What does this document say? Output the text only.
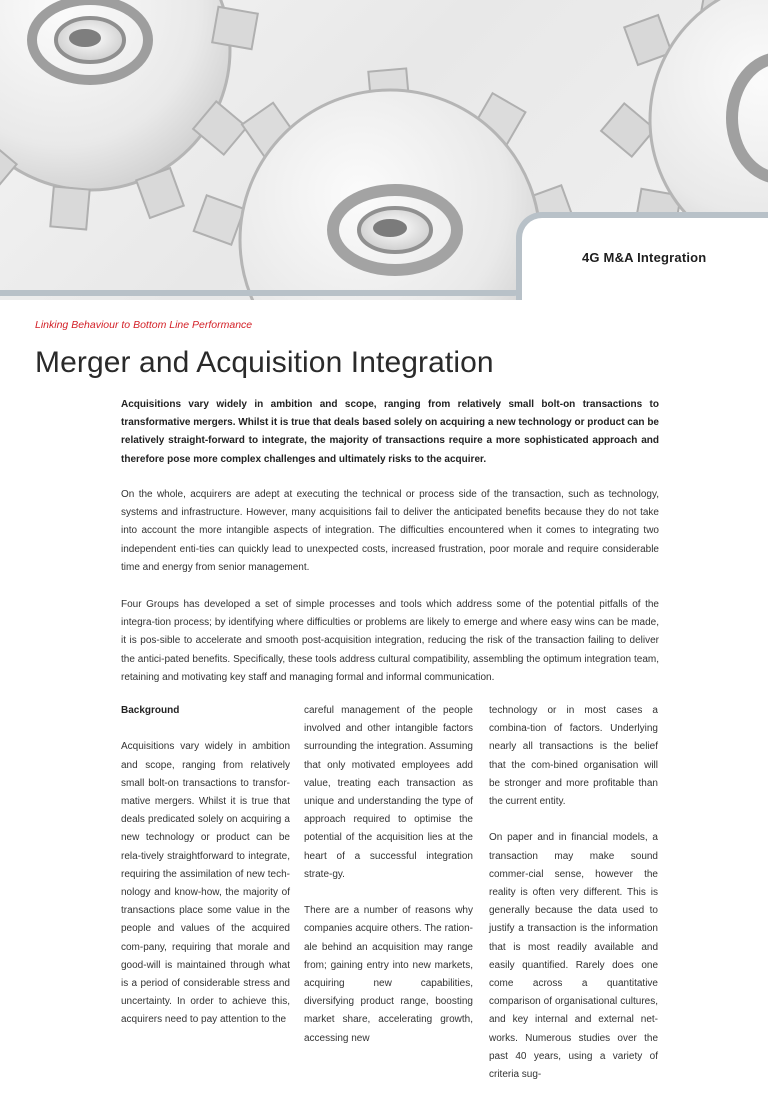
4G M&A Integration
Linking Behaviour to Bottom Line Performance
Merger and Acquisition Integration

Acquisitions vary widely in ambition and scope, ranging from relatively small bolt-on transactions to transformative mergers. Whilst it is true that deals based solely on acquiring a new technology or product can be relatively straight-forward to integrate, the majority of transactions require a more sophisticated approach and therefore pose more complex challenges and ultimately risks to the acquirer.

On the whole, acquirers are adept at executing the technical or process side of the transaction, such as technology, systems and infrastructure. However, many acquisitions fail to deliver the anticipated benefits because they do not take into account the more intangible aspects of integration. The difficulties encountered when it comes to integrating two independent enti-ties can quickly lead to unexpected costs, increased frustration, poor morale and require considerable time and energy from senior management.

Four Groups has developed a set of simple processes and tools which address some of the potential pitfalls of the integra-tion process; by identifying where difficulties or problems are likely to emerge and where easy wins can be made, it is pos-sible to accelerate and smooth post-acquisition integration, reducing the risk of the transaction failing to deliver the antici-pated benefits. Specifically, these tools address cultural compatibility, assembling the optimum integration team, retaining and motivating key staff and managing formal and informal communication.

Background

Acquisitions vary widely in ambition and scope, ranging from relatively small bolt-on transactions to transfor-mative mergers. Whilst it is true that deals predicated solely on acquiring a new technology or product can be rela-tively straightforward to integrate, requiring the assimilation of new tech-nology and know-how, the majority of transactions place some value in the people and values of the acquired com-pany, requiring that morale and good-will is maintained through what is a period of considerable stress and uncertainty. In order to achieve this, acquirers need to pay attention to the

careful management of the people involved and other intangible factors surrounding the integration. Assuming that only motivated employees add value, treating each transaction as unique and understanding the type of approach required to optimise the potential of the acquisition lies at the heart of a successful integration strate-gy.

There are a number of reasons why companies acquire others. The ration-ale behind an acquisition may range from; gaining entry into new markets, acquiring new capabilities, diversifying product range, boosting market share, accelerating growth, accessing new

technology or in most cases a combina-tion of factors. Underlying nearly all transactions is the belief that the com-bined organisation will be stronger and more profitable than the current entity.

On paper and in financial models, a transaction may make sound commer-cial sense, however the reality is often very different. This is generally because the data used to justify a transaction is the information that is most readily available and easily quantified. Rarely does one come across a quantitative comparison of organisational cultures, and key internal and external net-works. Numerous studies over the past 40 years, using a variety of criteria sug-
